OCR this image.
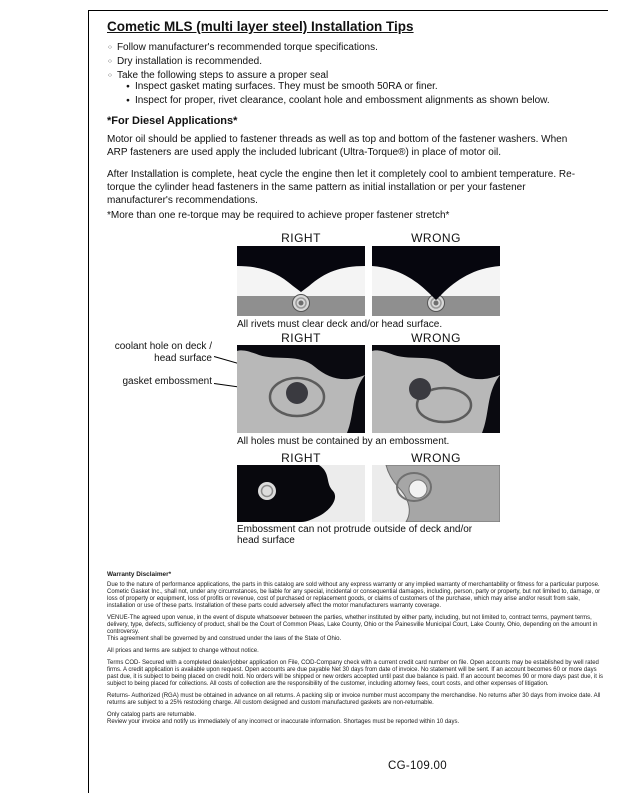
Cometic MLS (multi layer steel) Installation Tips
○ Follow manufacturer's recommended torque specifications.
○ Dry installation is recommended.
○ Take the following steps to assure a proper seal
● Inspect gasket mating surfaces. They must be smooth 50RA or finer.
● Inspect for proper, rivet clearance, coolant hole and embossment alignments as shown below.
*For Diesel Applications*
Motor oil should be applied to fastener threads as well as top and bottom of the fastener washers. When ARP fasteners are used apply the included lubricant (Ultra-Torque®) in place of motor oil.
After Installation is complete, heat cycle the engine then let it completely cool to ambient temperature. Re-torque the cylinder head fasteners in the same pattern as initial installation or per your fastener manufacturer's recommendations.
*More than one re-torque may be required to achieve proper fastener stretch*
RIGHT	WRONG
All rivets must clear deck and/or head surface.
RIGHT	WRONG
coolant hole on deck / head surface
gasket embossment
All holes must be contained by an embossment.
RIGHT	WRONG
Embossment can not protrude outside of deck and/or head surface
Warranty Disclaimer*

Due to the nature of performance applications, the parts in this catalog are sold without any express warranty or any implied warranty of merchantability or fitness for a particular purpose. Cometic Gasket Inc., shall not, under any circumstances, be liable for any special, incidental or consequential damages, including, person, party or property, but not limited to, damage, or loss of property or equipment, loss of profits or revenue, cost of purchased or replacement goods, or claims of customers of the purchase, which may arise and/or result from sale, installation or use of these parts. Installation of these parts could adversely affect the motor manufacturers warranty coverage.

VENUE-The agreed upon venue, in the event of dispute whatsoever between the parties, whether instituted by either party, including, but not limited to, contract terms, payment terms, delivery, type, defects, sufficiency of product, shall be the Court of Common Pleas, Lake County, Ohio or the Painesville Municipal Court, Lake County, Ohio, depending on the amount in controversy.

This agreement shall be governed by and construed under the laws of the State of Ohio.

All prices and terms are subject to change without notice.

Terms COD- Secured with a completed dealer/jobber application on File, COD-Company check with a current credit card number on file. Open accounts may be established by well rated firms. A credit application is available upon request. Open accounts are due payable Net 30 days from date of invoice. No statement will be sent. If an account becomes 60 or more days past due, it is subject to being placed on credit hold. No orders will be shipped or new orders accepted until past due balance is paid. If an account becomes 90 or more days past due, it is subject to being placed for collections. All costs of collection are the responsibility of the customer, including attorney fees, court costs, and other expenses of litigation.

Returns- Authorized (RGA) must be obtained in advance on all returns. A packing slip or invoice number must accompany the merchandise. No returns after 30 days from invoice date. All returns are subject to a 25% restocking charge. All custom designed and custom manufactured gaskets are non-returnable.

Only catalog parts are returnable.

Review your invoice and notify us immediately of any incorrect or inaccurate information. Shortages must be reported within 10 days.

CG-109.00
